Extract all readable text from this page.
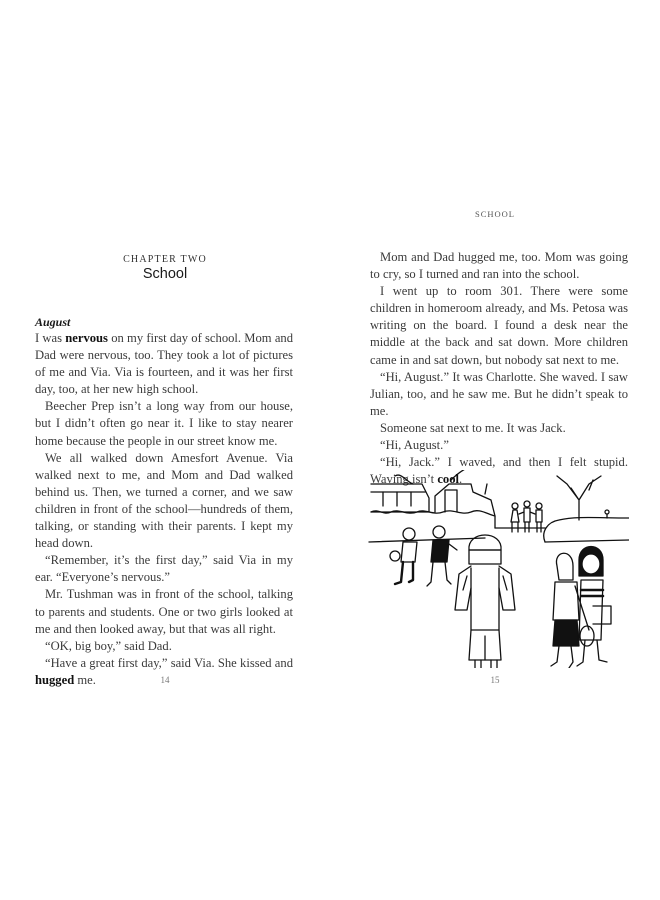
CHAPTER TWO
School
August

I was nervous on my first day of school. Mom and Dad were nervous, too. They took a lot of pictures of me and Via. Via is fourteen, and it was her first day, too, at her new high school.

Beecher Prep isn’t a long way from our house, but I didn’t often go near it. I like to stay nearer home because the people in our street know me.

We all walked down Amesfort Avenue. Via walked next to me, and Mom and Dad walked behind us. Then, we turned a corner, and we saw children in front of the school—hundreds of them, talking, or standing with their parents. I kept my head down.

“Remember, it’s the first day,” said Via in my ear. “Everyone’s nervous.”

Mr. Tushman was in front of the school, talking to parents and students. One or two girls looked at me and then looked away, but that was all right.

“OK, big boy,” said Dad.

“Have a great first day,” said Via. She kissed and hugged me.	14
SCHOOL

Mom and Dad hugged me, too. Mom was going to cry, so I turned and ran into the school.

I went up to room 301. There were some children in homeroom already, and Ms. Petosa was writing on the board. I found a desk near the middle at the back and sat down. More children came in and sat down, but nobody sat next to me.

“Hi, August.” It was Charlotte. She waved. I saw Julian, too, and he saw me. But he didn’t speak to me.

Someone sat next to me. It was Jack.

“Hi, August.”

“Hi, Jack.” I waved, and then I felt stupid. Waving isn’t cool.

15
